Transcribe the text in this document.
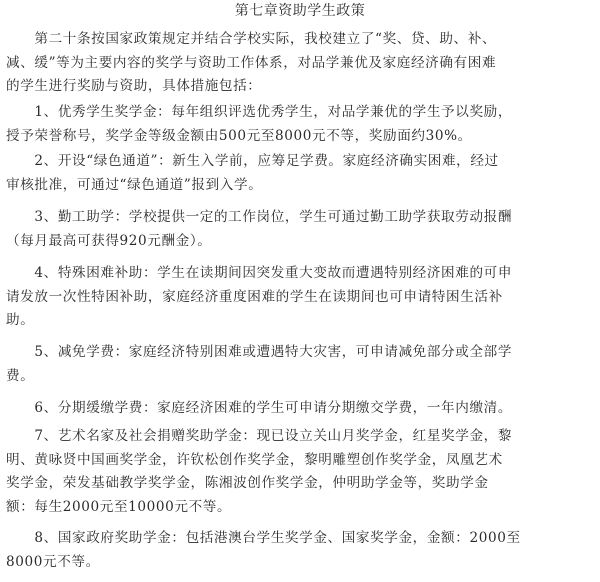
第七章资助学生政策

　　第二十条按国家政策规定并结合学校实际，我校建立了“奖、贷、助、补、
减、缓”等为主要内容的奖学与资助工作体系，对品学兼优及家庭经济确有困难
的学生进行奖励与资助，具体措施包括：

　　1、优秀学生奖学金：每年组织评选优秀学生，对品学兼优的学生予以奖励，
授予荣誉称号，奖学金等级金额由500元至8000元不等，奖励面约30%。

　　2、开设“绿色通道”：新生入学前，应筹足学费。家庭经济确实困难，经过
审核批准，可通过“绿色通道”报到入学。

　　3、勤工助学：学校提供一定的工作岗位，学生可通过勤工助学获取劳动报酬
（每月最高可获得920元酬金）。

　　4、特殊困难补助：学生在读期间因突发重大变故而遭遇特别经济困难的可申
请发放一次性特困补助，家庭经济重度困难的学生在读期间也可申请特困生活补
助。

　　5、减免学费：家庭经济特别困难或遭遇特大灾害，可申请减免部分或全部学
费。

　　6、分期缓缴学费：家庭经济困难的学生可申请分期缴交学费，一年内缴清。

　　7、艺术名家及社会捐赠奖助学金：现已设立关山月奖学金，红星奖学金，黎
明、黄咏贤中国画奖学金，许钦松创作奖学金，黎明雕塑创作奖学金，凤凰艺术
奖学金，荣发基础教学奖学金，陈湘波创作奖学金，仲明助学金等，奖助学金
额：每生2000元至10000元不等。

　　8、国家政府奖助学金：包括港澳台学生奖学金、国家奖学金，金额：2000至
8000元不等。
